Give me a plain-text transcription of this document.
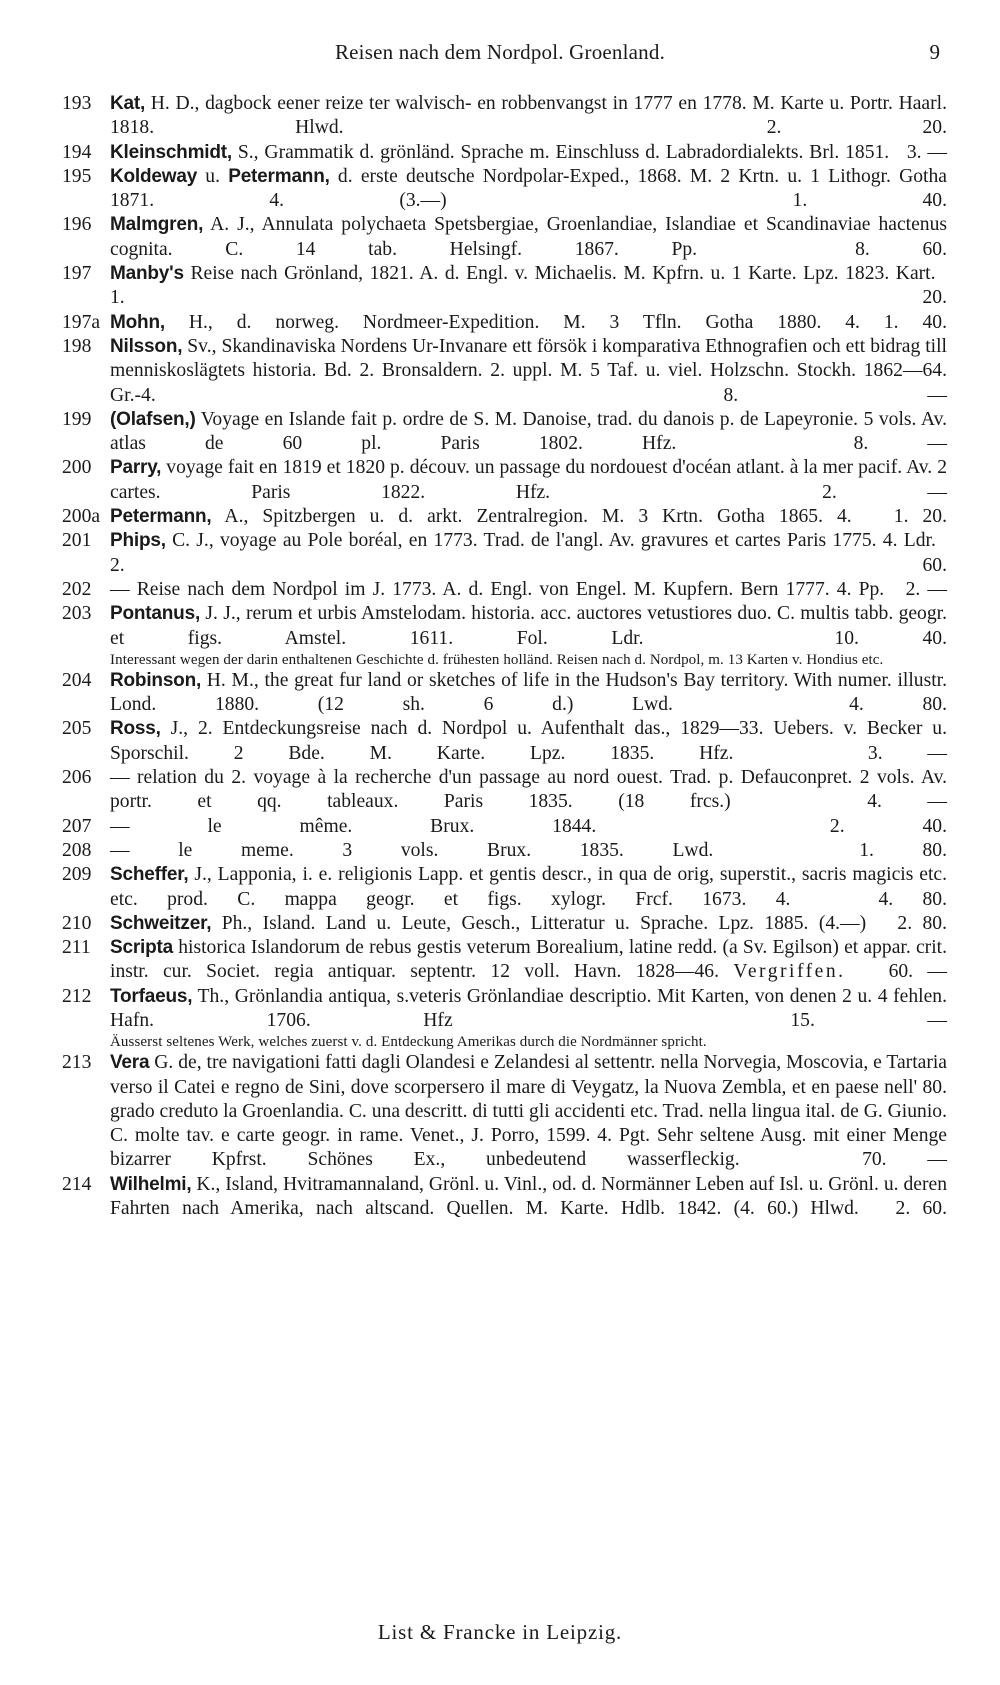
Reisen nach dem Nordpol. Groenland.	9
193 Kat, H. D., dagbock eener reize ter walvisch- en robbenvangst in 1777 en 1778. M. Karte u. Portr. Haarl. 1818. Hlwd.	2. 20.
194 Kleinschmidt, S., Grammatik d. grönländ. Sprache m. Einschluss d. Labradordialekts. Brl. 1851. 3. —
195 Koldeway u. Petermann, d. erste deutsche Nordpolar-Exped., 1868. M. 2 Krtn. u. 1 Lithogr. Gotha 1871. 4. (3.—)	1. 40.
196 Malmgren, A. J., Annulata polychaeta Spetsbergiae, Groenlandiae, Islandiae et Scandinaviae hactenus cognita. C. 14 tab. Helsingf. 1867. Pp.	8. 60.
197 Manby's Reise nach Grönland, 1821. A. d. Engl. v. Michaelis. M. Kpfrn. u. 1 Karte. Lpz. 1823. Kart.   1. 20.
197a Mohn, H., d. norweg. Nordmeer-Expedition. M. 3 Tfln. Gotha 1880. 4. 1. 40.
198 Nilsson, Sv., Skandinaviska Nordens Ur-Invanare ett försök i komparativa Ethnografien och ett bidrag till menniskoslägtets historia. Bd. 2. Bronsaldern. 2. uppl. M. 5 Taf. u. viel. Holzschn. Stockh. 1862—64. Gr.-4.	8. —
199 (Olafsen,) Voyage en Islande fait p. ordre de S. M. Danoise, trad. du danois p. de Lapeyronie. 5 vols. Av. atlas de 60 pl. Paris 1802. Hfz.	8. —
200 Parry, voyage fait en 1819 et 1820 p. découv. un passage du nordouest d'océan atlant. à la mer pacif. Av. 2 cartes. Paris 1822. Hfz.	2. —
200a Petermann, A., Spitzbergen u. d. arkt. Zentralregion. M. 3 Krtn. Gotha 1865. 4. 1. 20.
201 Phips, C. J., voyage au Pole boréal, en 1773. Trad. de l'angl. Av. gravures et cartes Paris 1775. 4. Ldr.   2. 60.
202 — Reise nach dem Nordpol im J. 1773. A. d. Engl. von Engel. M. Kupfern. Bern 1777. 4. Pp. 2. —
203 Pontanus, J. J., rerum et urbis Amstelodam. historia. acc. auctores vetustiores duo. C. multis tabb. geogr. et figs. Amstel. 1611. Fol. Ldr.	10. 40.
Interessant wegen der darin enthaltenen Geschichte d. frühesten holländ. Reisen nach d. Nordpol, m. 13 Karten v. Hondius etc.
204 Robinson, H. M., the great fur land or sketches of life in the Hudson's Bay territory. With numer. illustr. Lond. 1880. (12 sh. 6 d.) Lwd.	4. 80.
205 Ross, J., 2. Entdeckungsreise nach d. Nordpol u. Aufenthalt das., 1829—33. Uebers. v. Becker u. Sporschil. 2 Bde. M. Karte. Lpz. 1835. Hfz.	3. —
206 — relation du 2. voyage à la recherche d'un passage au nord ouest. Trad. p. Defauconpret. 2 vols. Av. portr. et qq. tableaux. Paris 1835. (18 frcs.)	4. —
207 — le même. Brux. 1844.	2. 40.
208 — le meme. 3 vols. Brux. 1835. Lwd.	1. 80.
209 Scheffer, J., Lapponia, i. e. religionis Lapp. et gentis descr., in qua de orig, superstit., sacris magicis etc. etc. prod. C. mappa geogr. et figs. xylogr. Frcf. 1673. 4.	4. 80.
210 Schweitzer, Ph., Island. Land u. Leute, Gesch., Litteratur u. Sprache. Lpz. 1885. (4.—) 2. 80.
211	Scripta historica Islandorum de rebus gestis veterum Borealium, latine redd. (a Sv. Egilson) et appar. crit. instr. cur. Societ. regia antiquar. septentr. 12 voll. Havn. 1828—46. Vergriffen. 60. —
212 Torfaeus, Th., Grönlandia antiqua, s.veteris Grönlandiae descriptio. Mit Karten, von denen 2 u. 4 fehlen. Hafn. 1706. Hfz	15. —
Äusserst seltenes Werk, welches zuerst v. d. Entdeckung Amerikas durch die Nordmänner spricht.
213 Vera G. de, tre navigationi fatti dagli Olandesi e Zelandesi al settentr. nella Norvegia, Moscovia, e Tartaria verso il Catei e regno de Sini, dove scorpersero il mare di Veygatz, la Nuova Zembla, et en paese nell' 80. grado creduto la Groenlandia. C. una descritt. di tutti gli accidenti etc. Trad. nella lingua ital. de G. Giunio. C. molte tav. e carte geogr. in rame. Venet., J. Porro, 1599. 4. Pgt. Sehr seltene Ausg. mit einer Menge bizarrer Kpfrst. Schönes Ex., unbedeutend wasserfleckig.	70. —
214 Wilhelmi, K., Island, Hvitramannaland, Grönl. u. Vinl., od. d. Normänner Leben auf Isl. u. Grönl. u. deren Fahrten nach Amerika, nach altscand. Quellen. M. Karte. Hdlb. 1842. (4. 60.) Hlwd. 2. 60.
List & Francke in Leipzig.
